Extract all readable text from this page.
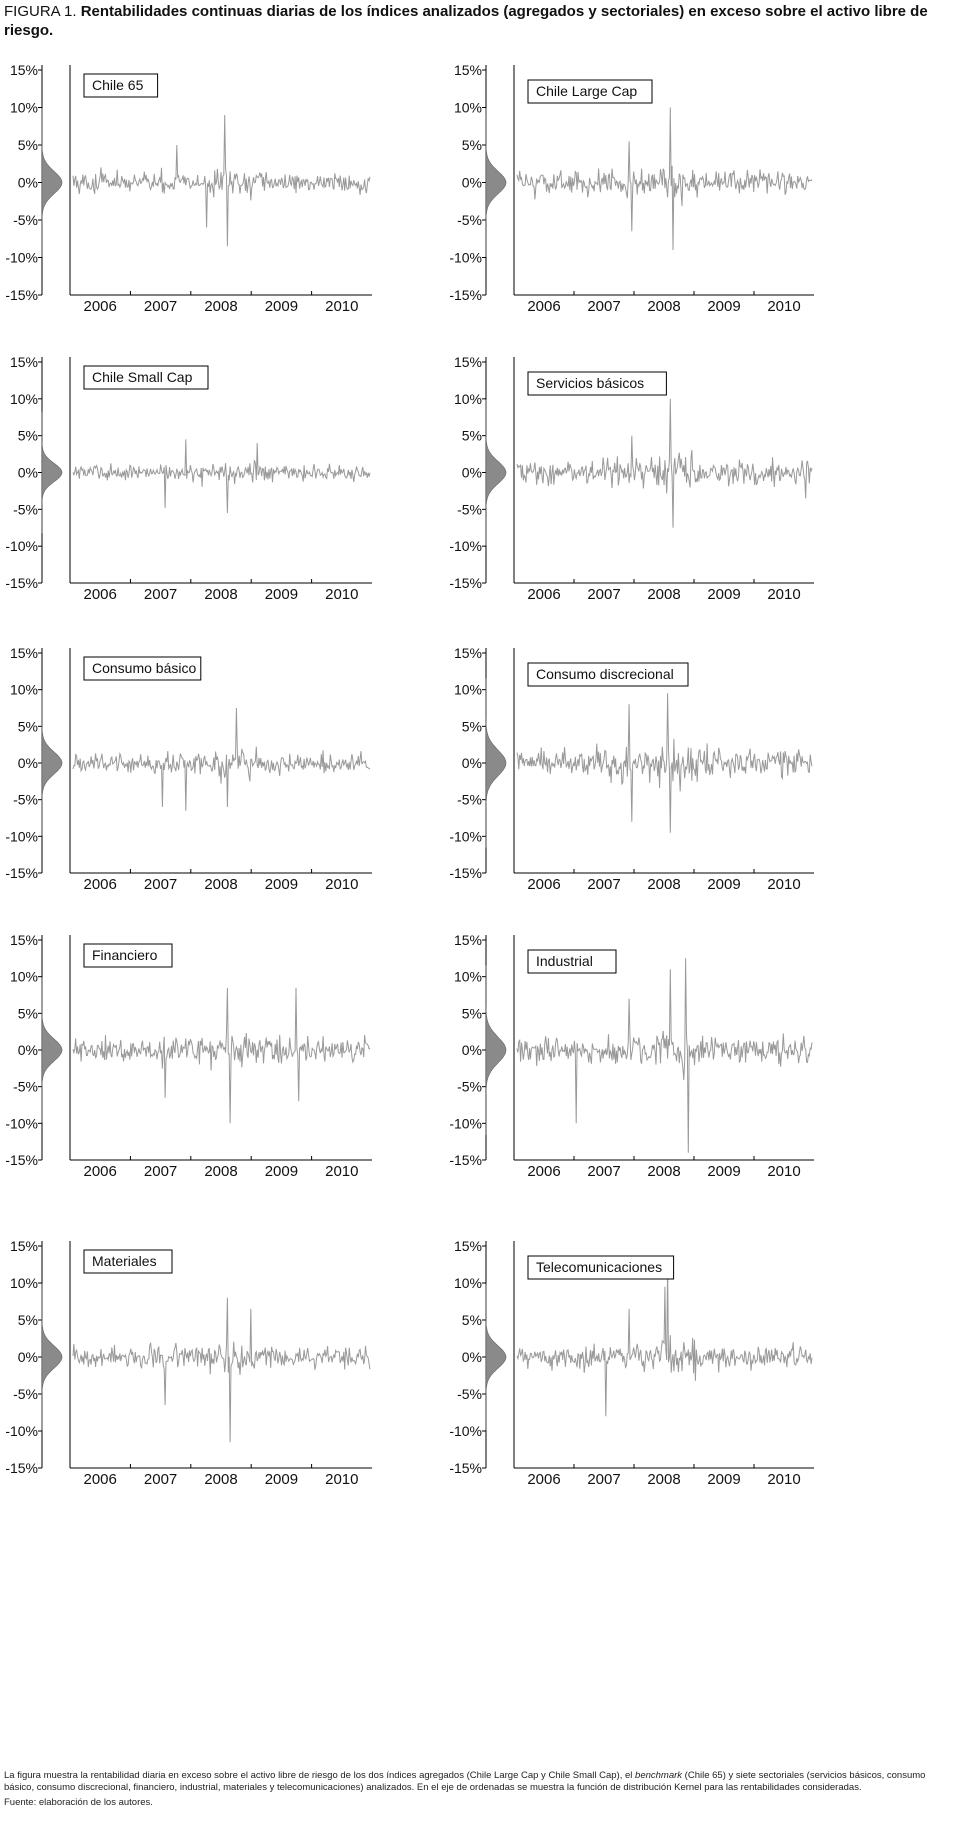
FIGURA 1. Rentabilidades continuas diarias de los índices analizados (agregados y sectoriales) en exceso sobre el activo libre de riesgo.
15%
10%
5%
0%
-5%
-10%
-15%
2006 2007 2008 2009 2010
Chile 65
15%
10%
5%
0%
-5%
-10%
-15%
2006 2007 2008 2009 2010
Chile Large Cap
15%
10%
5%
0%
-5%
-10%
-15%
2006 2007 2008 2009 2010
Chile Small Cap
15%
10%
5%
0%
-5%
-10%
-15%
2006 2007 2008 2009 2010
Servicios básicos
15%
10%
5%
0%
-5%
-10%
-15%
2006 2007 2008 2009 2010
Consumo básico
15%
10%
5%
0%
-5%
-10%
-15%
2006 2007 2008 2009 2010
Consumo discrecional
15%
10%
5%
0%
-5%
-10%
-15%
2006 2007 2008 2009 2010
Financiero
15%
10%
5%
0%
-5%
-10%
-15%
2006 2007 2008 2009 2010
Industrial
15%
10%
5%
0%
-5%
-10%
-15%
2006 2007 2008 2009 2010
Materiales
15%
10%
5%
0%
-5%
-10%
-15%
2006 2007 2008 2009 2010
Telecomunicaciones

La figura muestra la rentabilidad diaria en exceso sobre el activo libre de riesgo de los dos índices agregados (Chile Large Cap y Chile Small Cap), el benchmark (Chile 65) y siete sectoriales (servicios básicos, consumo básico, consumo discrecional, financiero, industrial, materiales y telecomunicaciones) analizados. En el eje de ordenadas se muestra la función de distribución Kernel para las rentabilidades consideradas.

Fuente: elaboración de los autores.
